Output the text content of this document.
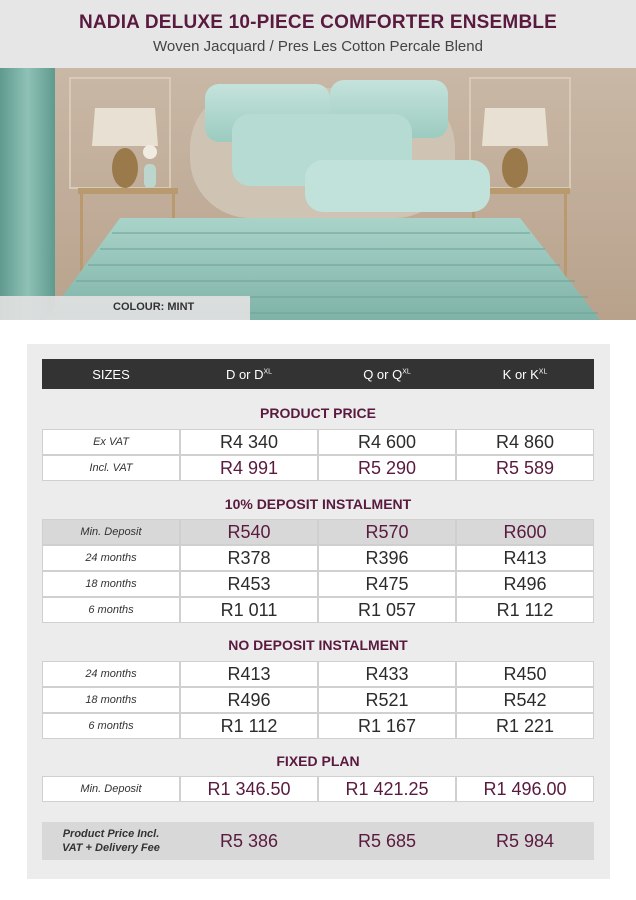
NADIA DELUXE 10-PIECE COMFORTER ENSEMBLE
Woven Jacquard / Pres Les Cotton Percale Blend
COLOUR: MINT
SIZES	D or $D^{XL}$	Q or $Q^{XL}$	K or $K^{XL}$
PRODUCT PRICE
Ex VAT	R4 340	R4 600	R4 860
Incl. VAT	R4 991	R5 290	R5 589
10% DEPOSIT INSTALMENT
Min. Deposit	R540	R570	R600
24 months	R378	R396	R413
18 months	R453	R475	R496
6 months	R1 011	R1 057	R1 112
NO DEPOSIT INSTALMENT
24 months	R413	R433	R450
18 months	R496	R521	R542
6 months	R1 112	R1 167	R1 221
FIXED PLAN
Min. Deposit	R1 346.50	R1 421.25	R1 496.00
Product Price Incl.
VAT + Delivery Fee	R5 386	R5 685	R5 984
